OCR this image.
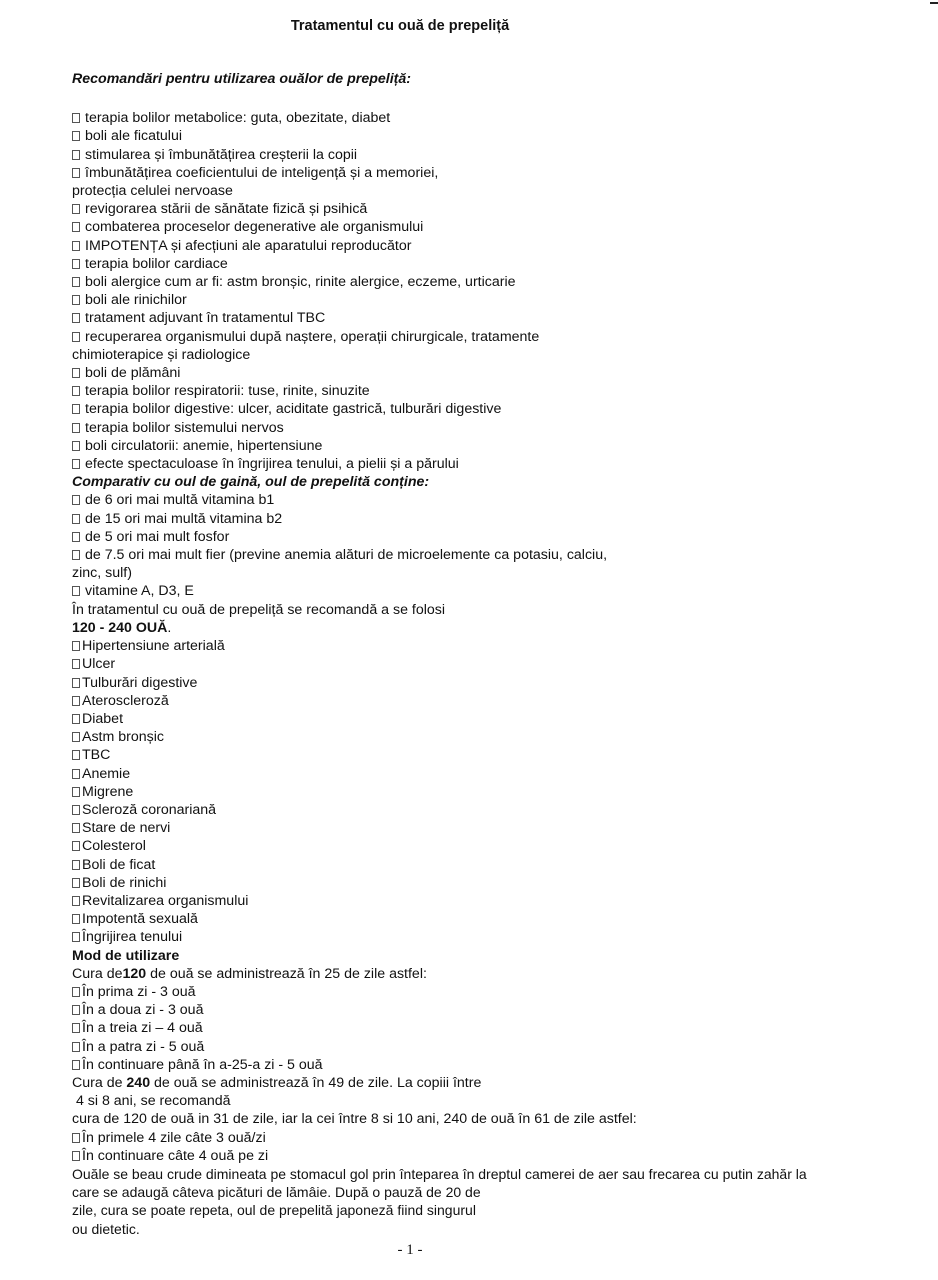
Tratamentul cu ouă de prepeliță
Recomandări pentru utilizarea ouălor de prepeliță:
terapia bolilor metabolice: guta, obezitate, diabet
boli ale ficatului
stimularea și îmbunătățirea creșterii la copii
îmbunătățirea coeficientului de inteligență și a memoriei,
protecția celulei nervoase
revigorarea stării de sănătate fizică și psihică
combaterea proceselor degenerative ale organismului
IMPOTENȚA și afecțiuni ale aparatului reproducător
terapia bolilor cardiace
boli alergice cum ar fi: astm bronșic, rinite alergice, eczeme, urticarie
boli ale rinichilor
tratament adjuvant în tratamentul TBC
recuperarea organismului după naștere, operații chirurgicale, tratamente
chimioterapice și radiologice
boli de plămâni
terapia bolilor respiratorii: tuse, rinite, sinuzite
terapia bolilor digestive: ulcer, aciditate gastrică, tulburări digestive
terapia bolilor sistemului nervos
boli circulatorii: anemie, hipertensiune
efecte spectaculoase în îngrijirea tenului, a pielii și a părului
Comparativ cu oul de gaină, oul de prepelită conține:
de 6 ori mai multă vitamina b1
de 15 ori mai multă vitamina b2
de 5 ori mai mult fosfor
de 7.5 ori mai mult fier (previne anemia alături de microelemente ca potasiu, calciu,
zinc, sulf)
vitamine A, D3, E
În tratamentul cu ouă de prepeliță se recomandă a se folosi
120 - 240 OUĂ.
Hipertensiune arterială
Ulcer
Tulburări digestive
Ateroscleroză
Diabet
Astm bronșic
TBC
Anemie
Migrene
Scleroză coronariană
Stare de nervi
Colesterol
Boli de ficat
Boli de rinichi
Revitalizarea organismului
Impotentă sexuală
Îngrijirea tenului
Mod de utilizare
Cura de120 de ouă se administrează în 25 de zile astfel:
În prima zi - 3 ouă
În a doua zi - 3 ouă
În a treia zi – 4 ouă
În a patra zi - 5 ouă
În continuare până în a-25-a zi - 5 ouă
Cura de 240 de ouă se administrează în 49 de zile. La copiii între
4 si 8 ani, se recomandă
cura de 120 de ouă in 31 de zile, iar la cei între 8 si 10 ani, 240 de ouă în 61 de zile astfel:
În primele 4 zile câte 3 ouă/zi
În continuare câte 4 ouă pe zi
Ouăle se beau crude dimineata pe stomacul gol prin înteparea în dreptul camerei de aer sau frecarea cu putin zahăr la
care se adaugă câteva picături de lămâie. După o pauză de 20 de
zile, cura se poate repeta, oul de prepelită japoneză fiind singurul
ou dietetic.
- 1 -
